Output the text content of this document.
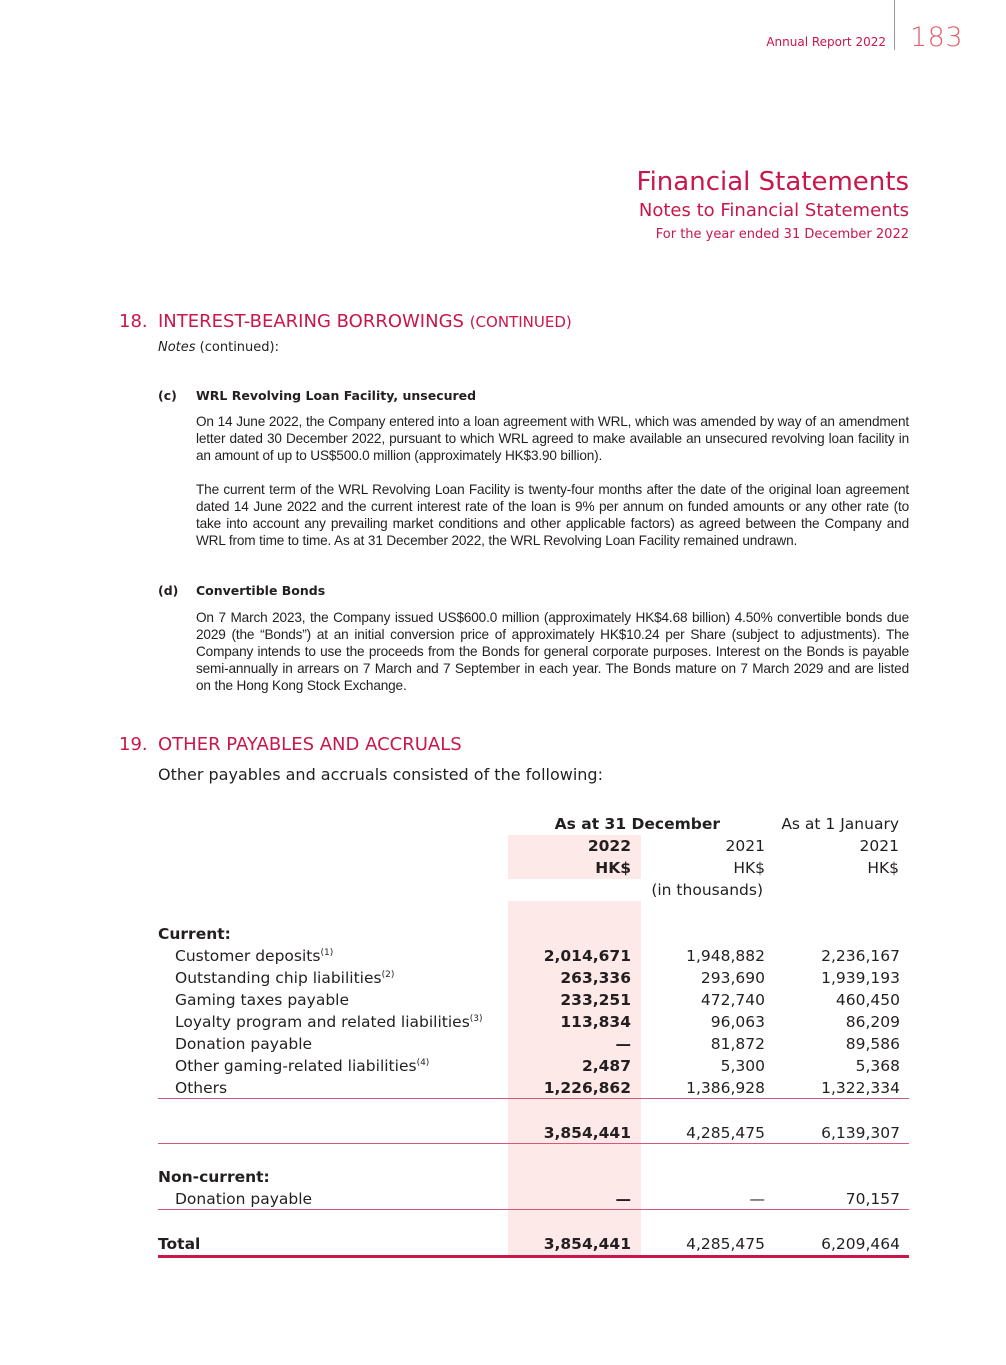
Annual Report 2022 183
Financial Statements
Notes to Financial Statements
For the year ended 31 December 2022
18. INTEREST-BEARING BORROWINGS (CONTINUED)
Notes (continued):
(c) WRL Revolving Loan Facility, unsecured
On 14 June 2022, the Company entered into a loan agreement with WRL, which was amended by way of an amendment letter dated 30 December 2022, pursuant to which WRL agreed to make available an unsecured revolving loan facility in an amount of up to US$500.0 million (approximately HK$3.90 billion).
The current term of the WRL Revolving Loan Facility is twenty-four months after the date of the original loan agreement dated 14 June 2022 and the current interest rate of the loan is 9% per annum on funded amounts or any other rate (to take into account any prevailing market conditions and other applicable factors) as agreed between the Company and WRL from time to time. As at 31 December 2022, the WRL Revolving Loan Facility remained undrawn.
(d) Convertible Bonds
On 7 March 2023, the Company issued US$600.0 million (approximately HK$4.68 billion) 4.50% convertible bonds due 2029 (the “Bonds”) at an initial conversion price of approximately HK$10.24 per Share (subject to adjustments). The Company intends to use the proceeds from the Bonds for general corporate purposes. Interest on the Bonds is payable semi-annually in arrears on 7 March and 7 September in each year. The Bonds mature on 7 March 2029 and are listed on the Hong Kong Stock Exchange.
19. OTHER PAYABLES AND ACCRUALS
Other payables and accruals consisted of the following:
As at 31 December	As at 1 January
2022	2021	2021
HK$	HK$	HK$
(in thousands)
Current:
Customer deposits$^{(1)}$	2,014,671	1,948,882	2,236,167
Outstanding chip liabilities$^{(2)}$	263,336	293,690	1,939,193
Gaming taxes payable	233,251	472,740	460,450
Loyalty program and related liabilities$^{(3)}$	113,834	96,063	86,209
Donation payable	—	81,872	89,586
Other gaming-related liabilities$^{(4)}$	2,487	5,300	5,368
Others	1,226,862	1,386,928	1,322,334
3,854,441	4,285,475	6,139,307
Non-current:
Donation payable	—	—	70,157
Total	3,854,441	4,285,475	6,209,464
